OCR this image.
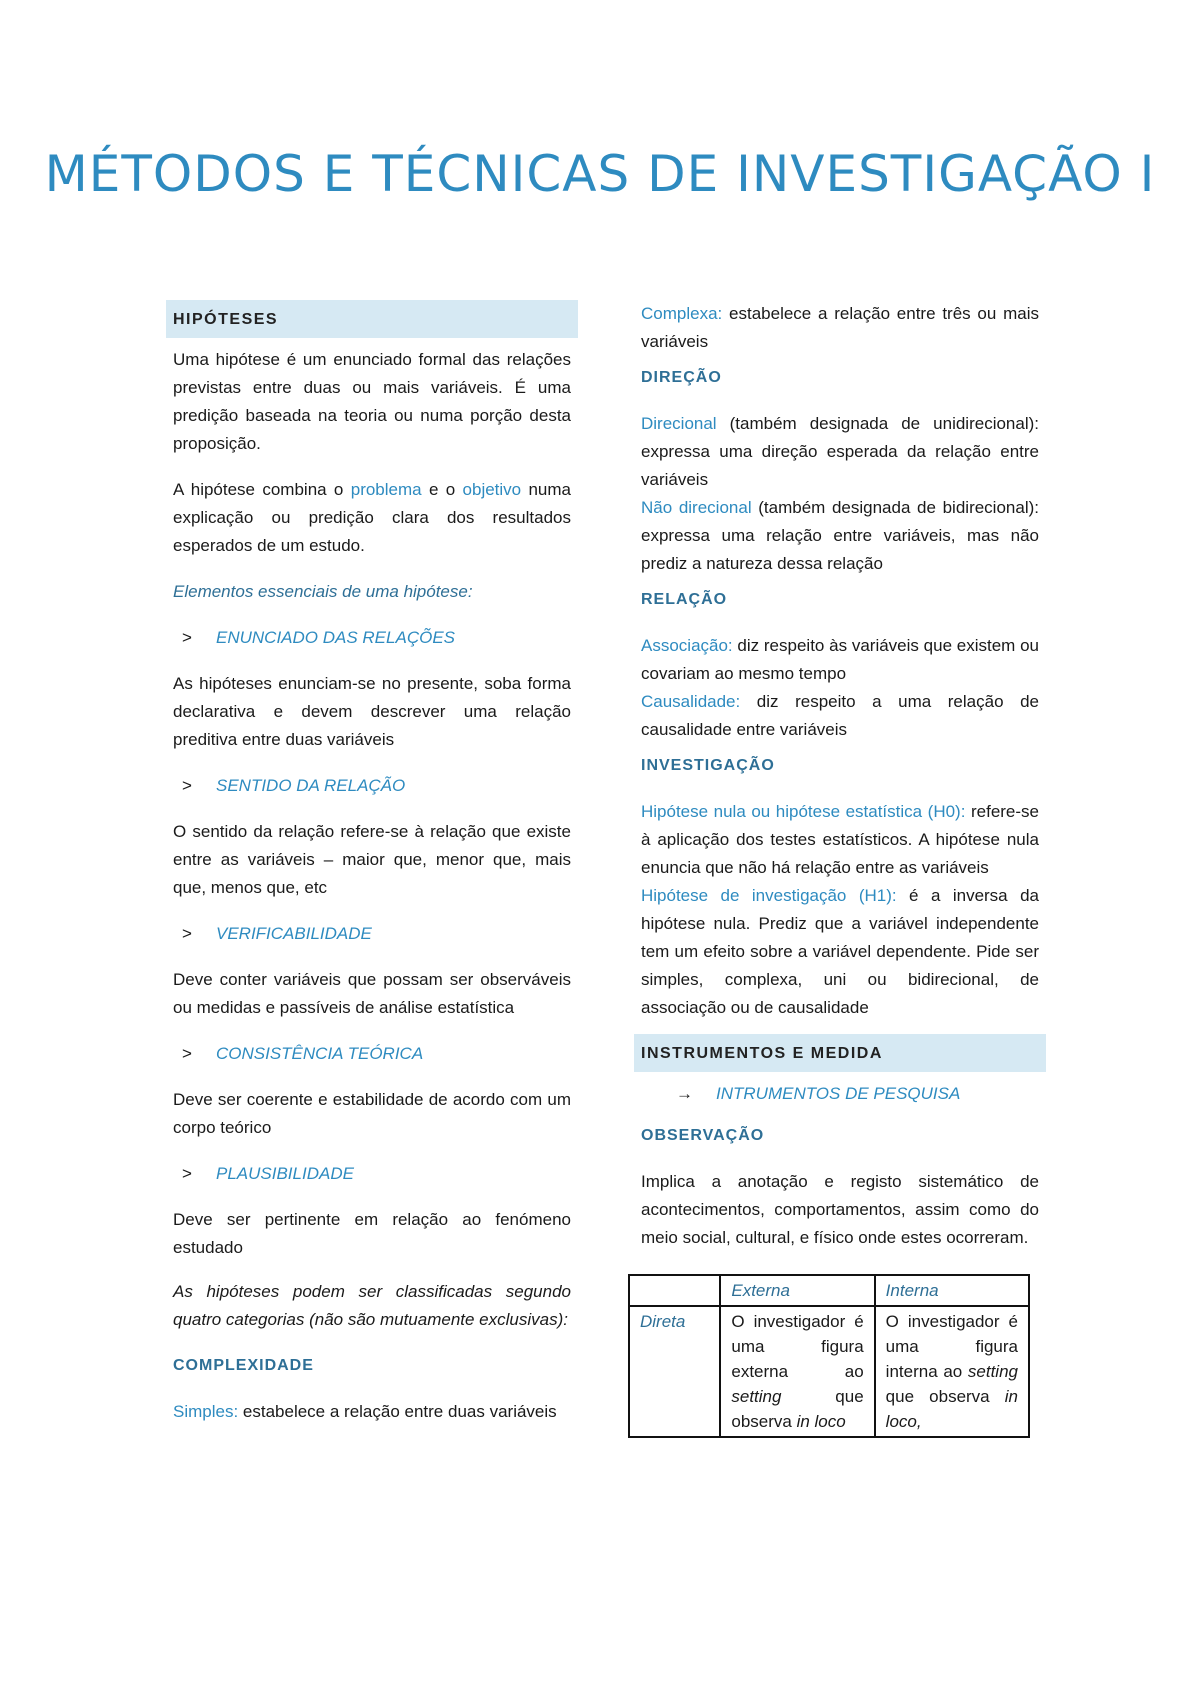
MÉTODOS E TÉCNICAS DE INVESTIGAÇÃO I
HIPÓTESES

Uma hipótese é um enunciado formal das relações previstas entre duas ou mais variáveis. É uma predição baseada na teoria ou numa porção desta proposição.

A hipótese combina o problema e o objetivo numa explicação ou predição clara dos resultados esperados de um estudo.

Elementos essenciais de uma hipótese:

> ENUNCIADO DAS RELAÇÕES

As hipóteses enunciam-se no presente, soba forma declarativa e devem descrever uma relação preditiva entre duas variáveis

> SENTIDO DA RELAÇÃO

O sentido da relação refere-se à relação que existe entre as variáveis – maior que, menor que, mais que, menos que, etc

> VERIFICABILIDADE

Deve conter variáveis que possam ser observáveis ou medidas e passíveis de análise estatística

> CONSISTÊNCIA TEÓRICA

Deve ser coerente e estabilidade de acordo com um corpo teórico

> PLAUSIBILIDADE

Deve ser pertinente em relação ao fenómeno estudado

As hipóteses podem ser classificadas segundo quatro categorias (não são mutuamente exclusivas):

COMPLEXIDADE

Simples: estabelece a relação entre duas variáveis

Complexa: estabelece a relação entre três ou mais variáveis

DIREÇÃO

Direcional (também designada de unidirecional): expressa uma direção esperada da relação entre variáveis

Não direcional (também designada de bidirecional): expressa uma relação entre variáveis, mas não prediz a natureza dessa relação

RELAÇÃO

Associação: diz respeito às variáveis que existem ou covariam ao mesmo tempo

Causalidade: diz respeito a uma relação de causalidade entre variáveis

INVESTIGAÇÃO

Hipótese nula ou hipótese estatística (H0): refere-se à aplicação dos testes estatísticos. A hipótese nula enuncia que não há relação entre as variáveis

Hipótese de investigação (H1): é a inversa da hipótese nula. Prediz que a variável independente tem um efeito sobre a variável dependente. Pide ser simples, complexa, uni ou bidirecional, de associação ou de causalidade

INSTRUMENTOS E MEDIDA
→ INTRUMENTOS DE PESQUISA
OBSERVAÇÃO

Implica a anotação e registo sistemático de acontecimentos, comportamentos, assim como do meio social, cultural, e físico onde estes ocorreram.

	Externa	Interna
Direta	O investigador é uma figura externa ao setting que observa in loco	O investigador é uma figura interna ao setting que observa in loco,
